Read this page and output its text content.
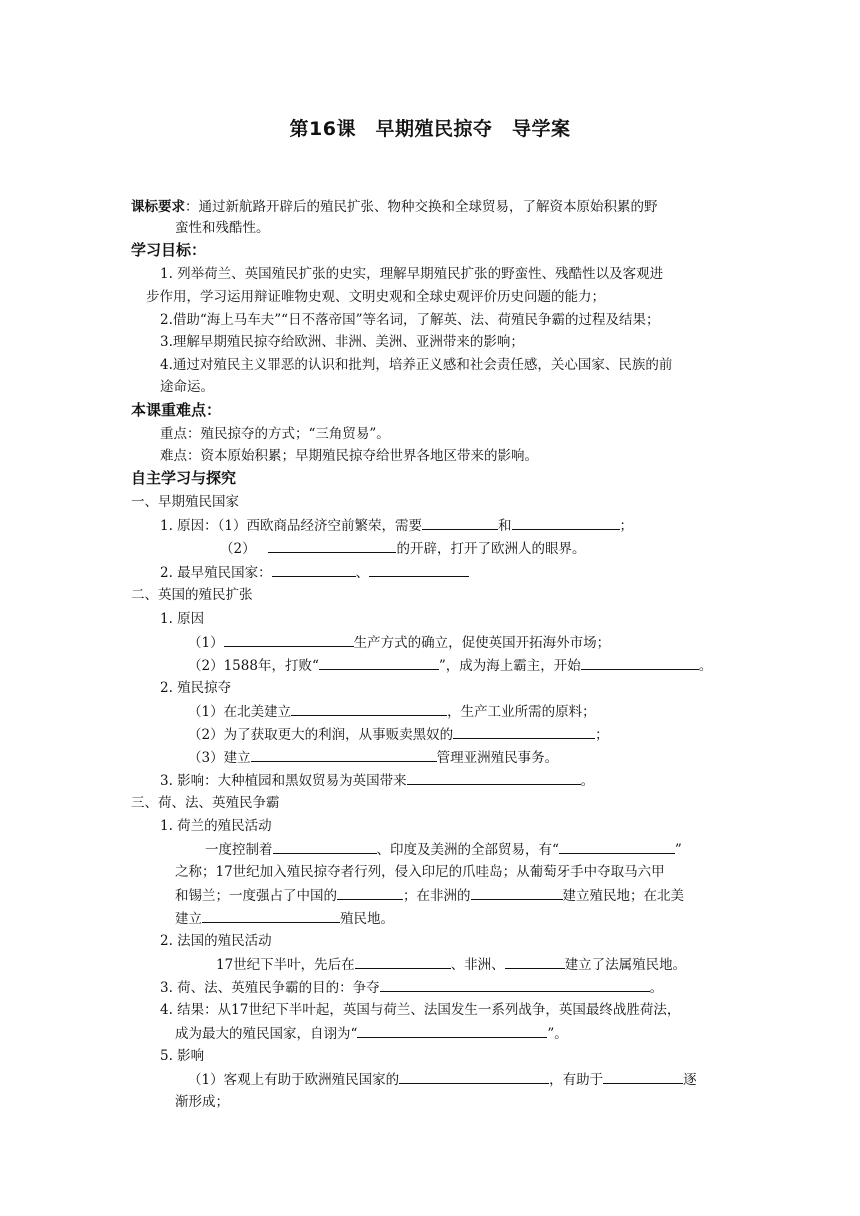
第16课　早期殖民掠夺　导学案
课标要求：通过新航路开辟后的殖民扩张、物种交换和全球贸易，了解资本原始积累的野
蛮性和残酷性。
学习目标：
1. 列举荷兰、英国殖民扩张的史实，理解早期殖民扩张的野蛮性、残酷性以及客观进
步作用，学习运用辩证唯物史观、文明史观和全球史观评价历史问题的能力；
2.借助“海上马车夫”“日不落帝国”等名词，了解英、法、荷殖民争霸的过程及结果；
3.理解早期殖民掠夺给欧洲、非洲、美洲、亚洲带来的影响；
4.通过对殖民主义罪恶的认识和批判，培养正义感和社会责任感，关心国家、民族的前
途命运。
本课重难点：
重点：殖民掠夺的方式；“三角贸易”。
难点：资本原始积累；早期殖民掠夺给世界各地区带来的影响。
自主学习与探究
一、早期殖民国家
1. 原因：（1）西欧商品经济空前繁荣，需要	和	；
（2）	的开辟，打开了欧洲人的眼界。
2. 最早殖民国家：	、
二、英国的殖民扩张
1. 原因
（1）	生产方式的确立，促使英国开拓海外市场；
（2）1588年，打败“	”，成为海上霸主，开始	。
2. 殖民掠夺
（1）在北美建立	，生产工业所需的原料；
（2）为了获取更大的利润，从事贩卖黑奴的	；
（3）建立	管理亚洲殖民事务。
3. 影响：大种植园和黑奴贸易为英国带来	。
三、荷、法、英殖民争霸
1. 荷兰的殖民活动
一度控制着	、印度及美洲的全部贸易，有“	”
之称；17世纪加入殖民掠夺者行列，侵入印尼的爪哇岛；从葡萄牙手中夺取马六甲
和锡兰；一度强占了中国的	；在非洲的	建立殖民地；在北美
建立	殖民地。
2. 法国的殖民活动
17世纪下半叶，先后在	、非洲、	建立了法属殖民地。
3. 荷、法、英殖民争霸的目的：争夺	。
4. 结果：从17世纪下半叶起，英国与荷兰、法国发生一系列战争，英国最终战胜荷法，
成为最大的殖民国家，自诩为“	”。
5. 影响
（1）客观上有助于欧洲殖民国家的	，有助于	逐
渐形成；
